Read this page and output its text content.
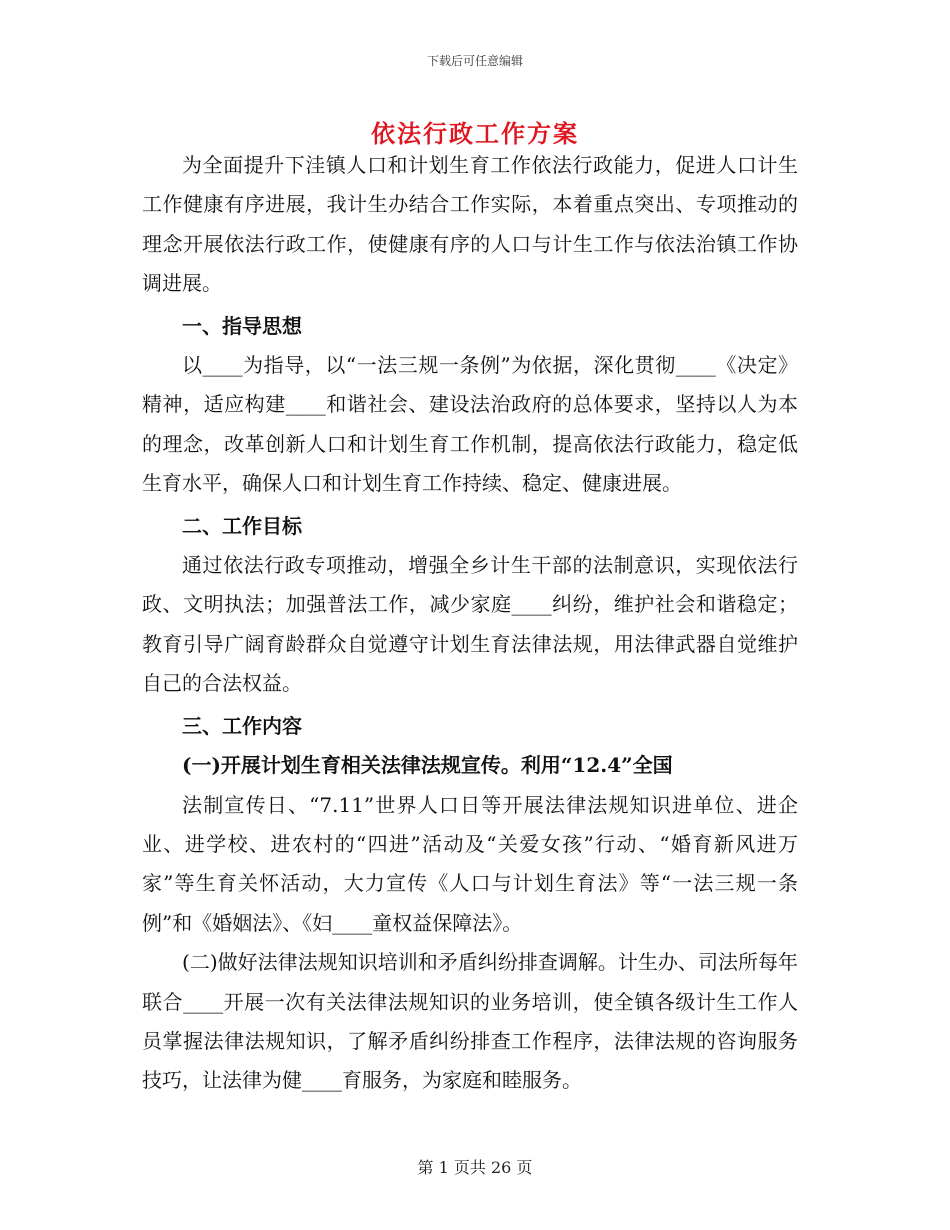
下载后可任意编辑
依法行政工作方案

为全面提升下洼镇人口和计划生育工作依法行政能力，促进人口计生工作健康有序进展，我计生办结合工作实际，本着重点突出、专项推动的理念开展依法行政工作，使健康有序的人口与计生工作与依法治镇工作协调进展。

一、指导思想

以____为指导，以“一法三规一条例”为依据，深化贯彻____《决定》精神，适应构建____和谐社会、建设法治政府的总体要求，坚持以人为本的理念，改革创新人口和计划生育工作机制，提高依法行政能力，稳定低生育水平，确保人口和计划生育工作持续、稳定、健康进展。

二、工作目标

通过依法行政专项推动，增强全乡计生干部的法制意识，实现依法行政、文明执法；加强普法工作，减少家庭____纠纷，维护社会和谐稳定；教育引导广阔育龄群众自觉遵守计划生育法律法规，用法律武器自觉维护自己的合法权益。

三、工作内容

(一)开展计划生育相关法律法规宣传。利用“12.4”全国

法制宣传日、“7.11”世界人口日等开展法律法规知识进单位、进企业、进学校、进农村的“四进”活动及“关爱女孩”行动、“婚育新风进万家”等生育关怀活动，大力宣传《人口与计划生育法》等“一法三规一条例”和《婚姻法》、《妇____童权益保障法》。

(二)做好法律法规知识培训和矛盾纠纷排查调解。计生办、司法所每年联合____开展一次有关法律法规知识的业务培训，使全镇各级计生工作人员掌握法律法规知识，了解矛盾纠纷排查工作程序，法律法规的咨询服务技巧，让法律为健____育服务，为家庭和睦服务。

第 1 页共 26 页
